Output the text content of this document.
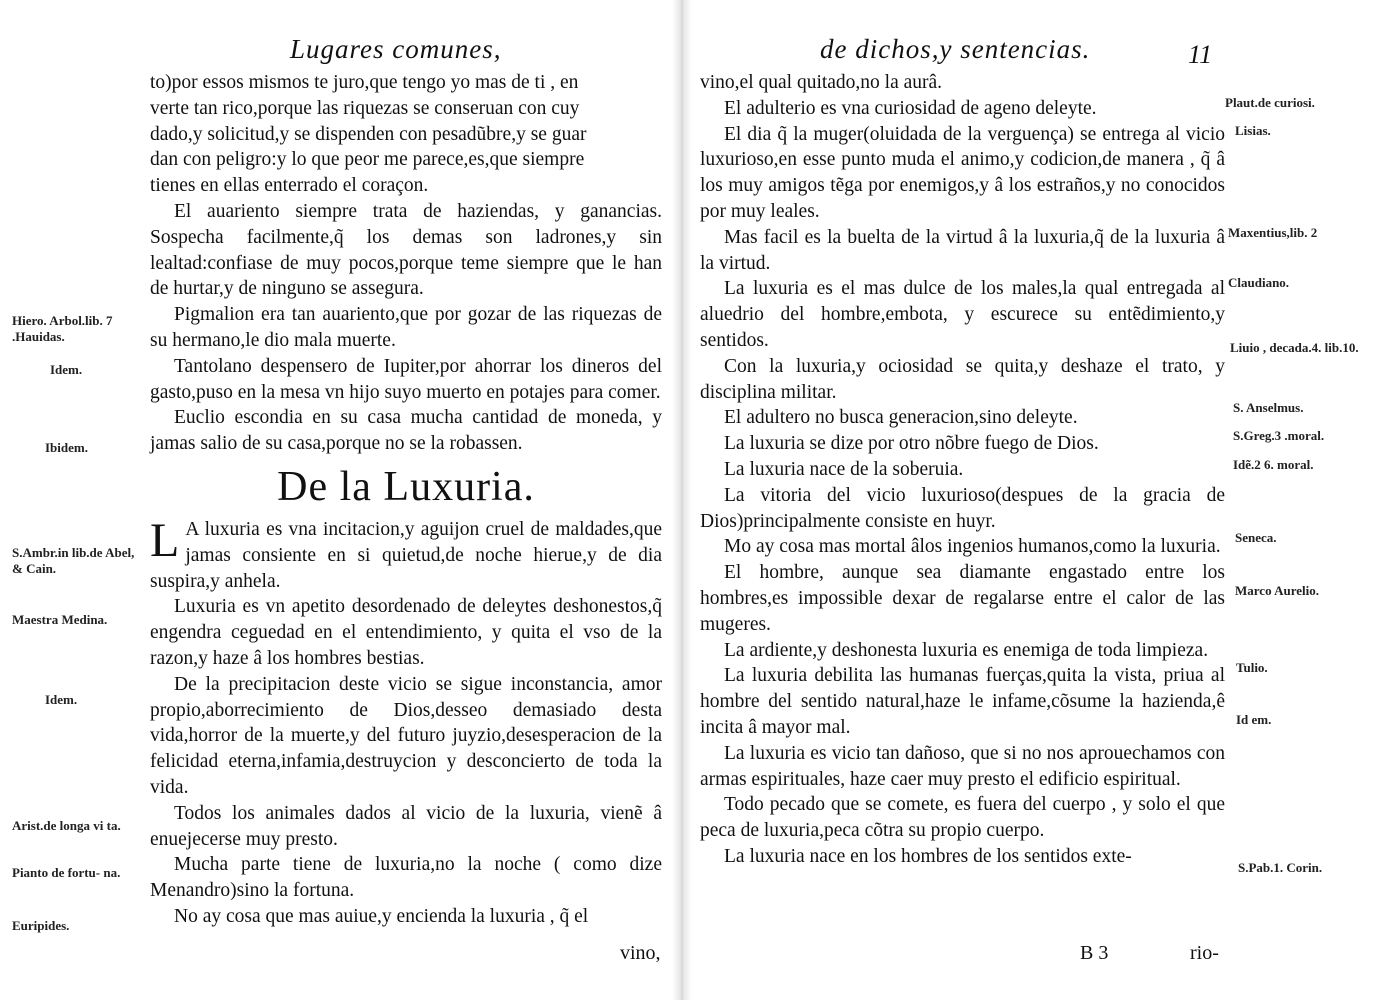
Lugares comunes,
to)por essos mismos te juro,que tengo yo mas de ti , en
verte tan rico,porque las riquezas se conseruan con cuy
dado,y solicitud,y se dispenden con pesadũbre,y se guar
dan con peligro:y lo que peor me parece,es,que siempre
tienes en ellas enterrado el coraçon.

El auariento siempre trata de haziendas, y ganancias. Sospecha facilmente,q̃ los demas son ladrones,y sin lealtad:confiase de muy pocos,porque teme siempre que le han de hurtar,y de ninguno se assegura.

Pigmalion era tan auariento,que por gozar de las riquezas de su hermano,le dio mala muerte.

Tantolano despensero de Iupiter,por ahorrar los dineros del gasto,puso en la mesa vn hijo suyo muerto en potajes para comer.

Euclio escondia en su casa mucha cantidad de moneda, y jamas salio de su casa,porque no se la robassen.

De la Luxuria.

L A luxuria es vna incitacion,y aguijon cruel de maldades,que jamas consiente en si quietud,de noche hierue,y de dia suspira,y anhela.

Luxuria es vn apetito desordenado de deleytes deshonestos,q̃ engendra ceguedad en el entendimiento, y quita el vso de la razon,y haze â los hombres bestias.

De la precipitacion deste vicio se sigue inconstancia, amor propio,aborrecimiento de Dios,desseo demasiado desta vida,horror de la muerte,y del futuro juyzio,desesperacion de la felicidad eterna,infamia,destruycion y desconcierto de toda la vida.

Todos los animales dados al vicio de la luxuria, vienẽ â enuejecerse muy presto.

Mucha parte tiene de luxuria,no la noche ( como dize Menandro)sino la fortuna.

No ay cosa que mas auiue,y encienda la luxuria , q̃ el

vino,
Hiero. Arbol.lib. 7 .Hauidas.
Idem.
Ibidem.
S.Ambr.in lib.de Abel, & Cain.
Maestra Medina.
Idem.
Arist.de longa vi ta.
Pianto de fortu- na.
Euripides.
de dichos,y sentencias.	11
vino,el qual quitado,no la aurâ.

El adulterio es vna curiosidad de ageno deleyte.

El dia q̃ la muger(oluidada de la verguença) se entrega al vicio luxurioso,en esse punto muda el animo,y codicion,de manera , q̃ â los muy amigos tẽga por enemigos,y â los estraños,y no conocidos por muy leales.

Mas facil es la buelta de la virtud â la luxuria,q̃ de la luxuria â la virtud.

La luxuria es el mas dulce de los males,la qual entregada al aluedrio del hombre,embota, y escurece su entẽdimiento,y sentidos.

Con la luxuria,y ociosidad se quita,y deshaze el trato, y disciplina militar.

El adultero no busca generacion,sino deleyte.

La luxuria se dize por otro nõbre fuego de Dios.

La luxuria nace de la soberuia.

La vitoria del vicio luxurioso(despues de la gracia de Dios)principalmente consiste en huyr.

Mo ay cosa mas mortal âlos ingenios humanos,como la luxuria.

El hombre, aunque sea diamante engastado entre los hombres,es impossible dexar de regalarse entre el calor de las mugeres.

La ardiente,y deshonesta luxuria es enemiga de toda limpieza.

La luxuria debilita las humanas fuerças,quita la vista, priua al hombre del sentido natural,haze le infame,cõsume la hazienda,ê incita â mayor mal.

La luxuria es vicio tan dañoso, que si no nos aprouechamos con armas espirituales, haze caer muy presto el edificio espiritual.

Todo pecado que se comete, es fuera del cuerpo , y solo el que peca de luxuria,peca cõtra su propio cuerpo.

La luxuria nace en los hombres de los sentidos exte-

B 3	rio-
Plaut.de curiosi.
Lisias.
Maxentius,lib. 2
Claudiano.
Liuio , decada.4. lib.10.
S. Anselmus.
S.Greg.3 .moral.
Idẽ.2 6. moral.
Seneca.
Marco Aurelio.
Tulio.
Id em.
S.Pab.1. Corin.
